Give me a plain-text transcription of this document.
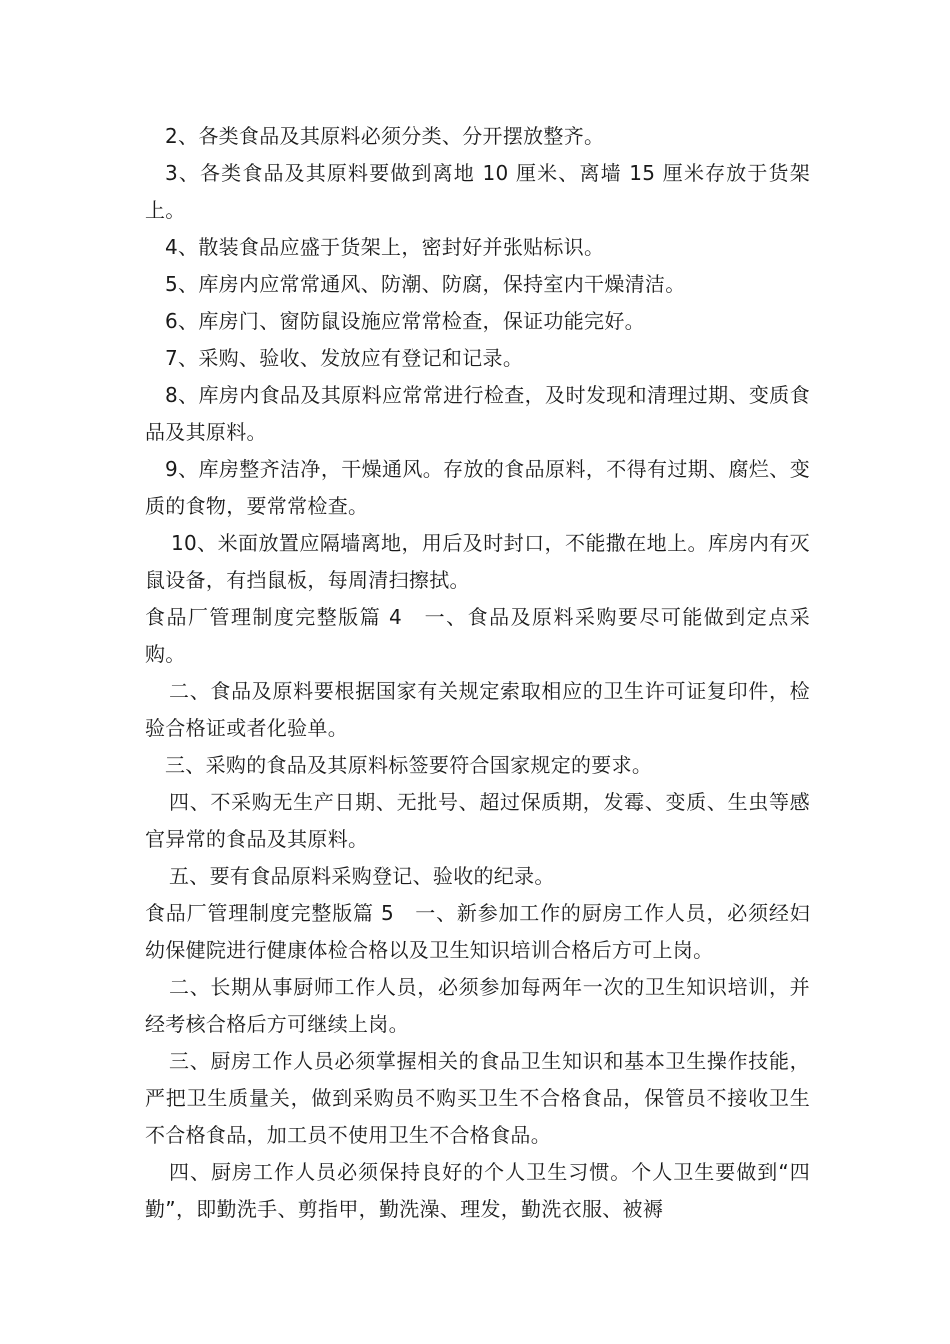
2、各类食品及其原料必须分类、分开摆放整齐。

3、各类食品及其原料要做到离地 10 厘米、离墙 15 厘米存放于货架上。

4、散装食品应盛于货架上，密封好并张贴标识。

5、库房内应常常通风、防潮、防腐，保持室内干燥清洁。

6、库房门、窗防鼠设施应常常检查，保证功能完好。

7、采购、验收、发放应有登记和记录。

8、库房内食品及其原料应常常进行检查，及时发现和清理过期、变质食品及其原料。

9、库房整齐洁净，干燥通风。存放的食品原料，不得有过期、腐烂、变质的食物，要常常检查。

10、米面放置应隔墙离地，用后及时封口，不能撒在地上。库房内有灭鼠设备，有挡鼠板，每周清扫擦拭。

食品厂管理制度完整版篇 4　一、食品及原料采购要尽可能做到定点采购。

二、食品及原料要根据国家有关规定索取相应的卫生许可证复印件，检验合格证或者化验单。

三、采购的食品及其原料标签要符合国家规定的要求。

四、不采购无生产日期、无批号、超过保质期，发霉、变质、生虫等感官异常的食品及其原料。

五、要有食品原料采购登记、验收的纪录。

食品厂管理制度完整版篇 5　一、新参加工作的厨房工作人员，必须经妇幼保健院进行健康体检合格以及卫生知识培训合格后方可上岗。

二、长期从事厨师工作人员，必须参加每两年一次的卫生知识培训，并经考核合格后方可继续上岗。

三、厨房工作人员必须掌握相关的食品卫生知识和基本卫生操作技能，严把卫生质量关，做到采购员不购买卫生不合格食品，保管员不接收卫生不合格食品，加工员不使用卫生不合格食品。

四、厨房工作人员必须保持良好的个人卫生习惯。个人卫生要做到“四勤”，即勤洗手、剪指甲，勤洗澡、理发，勤洗衣服、被褥
